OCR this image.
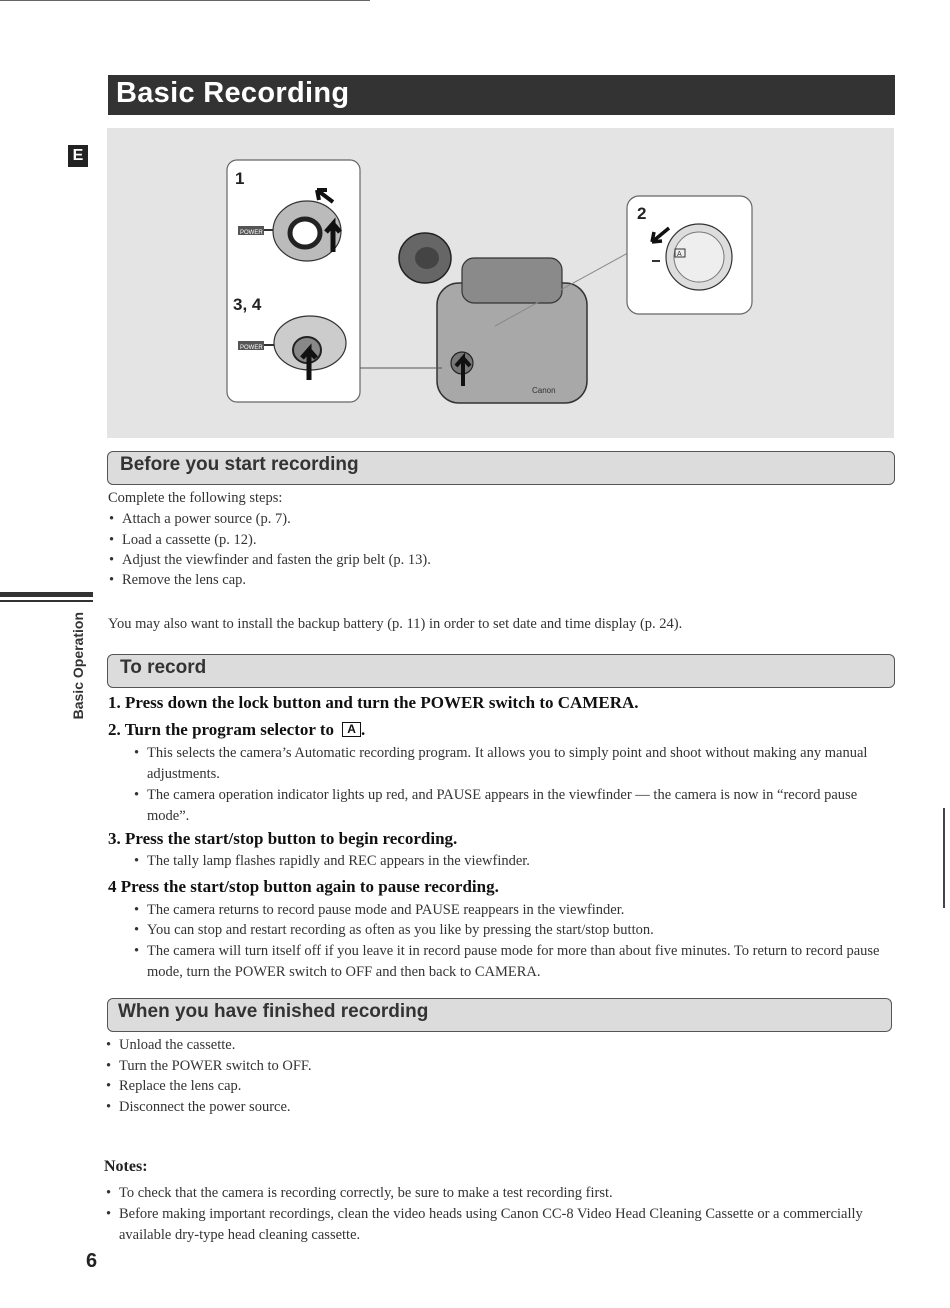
Basic Recording
E
1
3, 4
POWER
POWER
Canon
2
A
Before you start recording
Complete the following steps:
• Attach a power source (p. 7).
• Load a cassette (p. 12).
• Adjust the viewfinder and fasten the grip belt (p. 13).
• Remove the lens cap.
You may also want to install the backup battery (p. 11) in order to set date and time display (p. 24).
To record
1. Press down the lock button and turn the POWER switch to CAMERA.
2. Turn the program selector to A .
• This selects the camera’s Automatic recording program. It allows you to simply point and shoot without making any manual adjustments.
• The camera operation indicator lights up red, and PAUSE appears in the viewfinder — the camera is now in “record pause mode”.
3. Press the start/stop button to begin recording.
• The tally lamp flashes rapidly and REC appears in the viewfinder.
4 Press the start/stop button again to pause recording.
• The camera returns to record pause mode and PAUSE reappears in the viewfinder.
• You can stop and restart recording as often as you like by pressing the start/stop button.
• The camera will turn itself off if you leave it in record pause mode for more than about five minutes. To return to record pause mode, turn the POWER switch to OFF and then back to CAMERA.
Basic Operation
When you have finished recording
• Unload the cassette.
• Turn the POWER switch to OFF.
• Replace the lens cap.
• Disconnect the power source.
Notes:
• To check that the camera is recording correctly, be sure to make a test recording first.
• Before making important recordings, clean the video heads using Canon CC-8 Video Head Cleaning Cassette or a commercially available dry-type head cleaning cassette.
6
